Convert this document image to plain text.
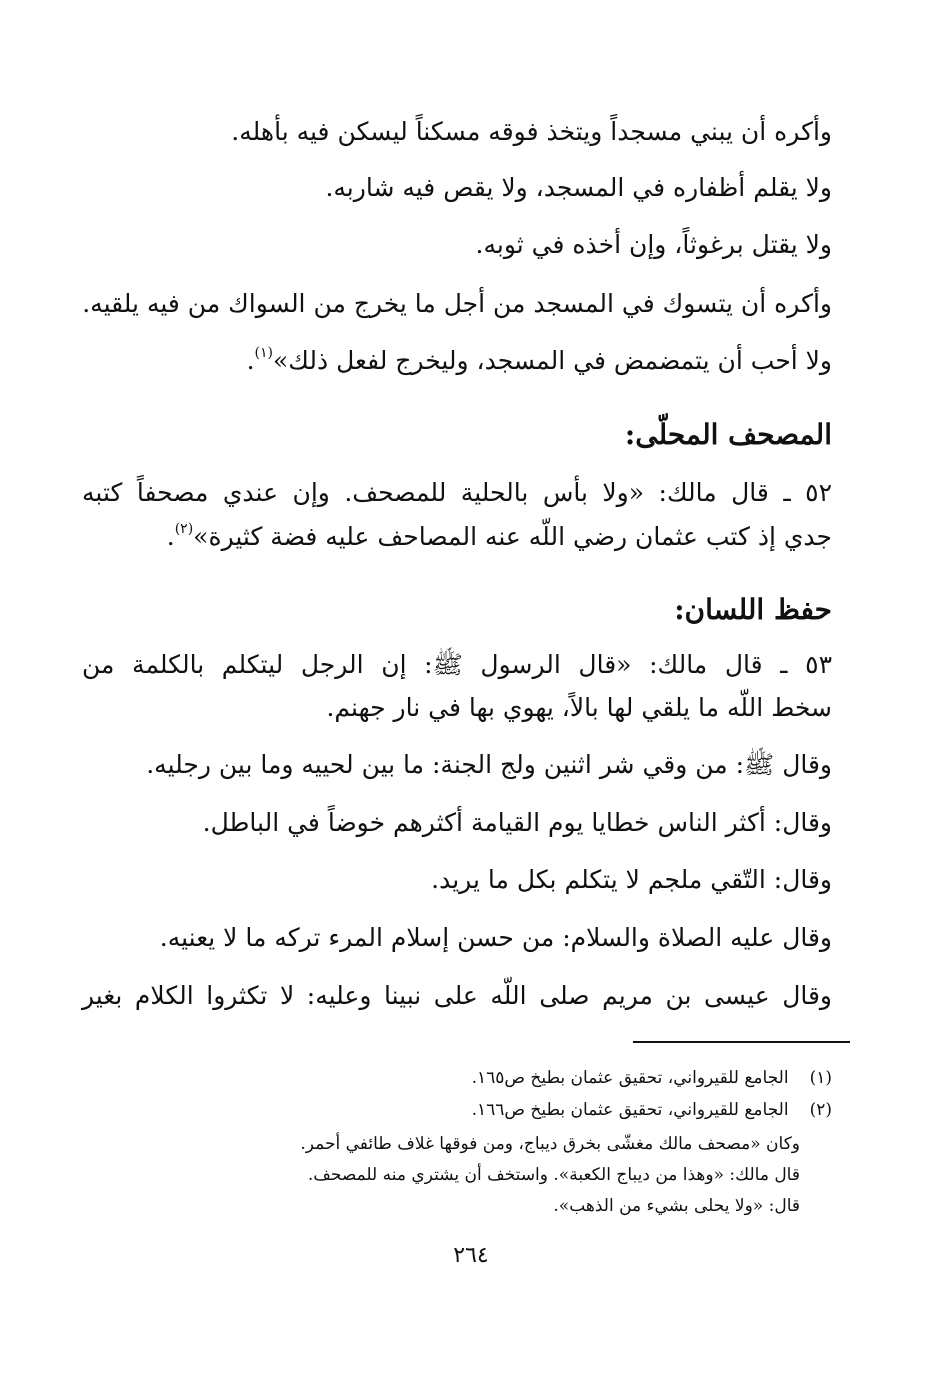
وأكره أن يبني مسجداً ويتخذ فوقه مسكناً ليسكن فيه بأهله.
ولا يقلم أظفاره في المسجد، ولا يقص فيه شاربه.
ولا يقتل برغوثاً، وإن أخذه في ثوبه.
وأكره أن يتسوك في المسجد من أجل ما يخرج من السواك من فيه يلقيه.
ولا أحب أن يتمضمض في المسجد، وليخرج لفعل ذلك»$^{(١)}$.
المصحف المحلّى:
٥٢ ـ قال مالك: «ولا بأس بالحلية للمصحف. وإن عندي مصحفاً كتبه
جدي إذ كتب عثمان رضي اللّه عنه المصاحف عليه فضة كثيرة»$^{(٢)}$.
حفظ اللسان:
٥٣ ـ قال مالك: «قال الرسول ﷺ: إن الرجل ليتكلم بالكلمة من
سخط اللّه ما يلقي لها بالاً، يهوي بها في نار جهنم.
وقال ﷺ: من وقي شر اثنين ولج الجنة: ما بين لحييه وما بين رجليه.
وقال: أكثر الناس خطايا يوم القيامة أكثرهم خوضاً في الباطل.
وقال: التّقي ملجم لا يتكلم بكل ما يريد.
وقال عليه الصلاة والسلام: من حسن إسلام المرء تركه ما لا يعنيه.
وقال عيسى بن مريم صلى اللّه على نبينا وعليه: لا تكثروا الكلام بغير
(١) الجامع للقيرواني، تحقيق عثمان بطيخ ص١٦٥.
(٢) الجامع للقيرواني، تحقيق عثمان بطيخ ص١٦٦.
وكان «مصحف مالك مغشّى بخرق ديباج، ومن فوقها غلاف طائفي أحمر.
قال مالك: «وهذا من ديباج الكعبة». واستخف أن يشتري منه للمصحف.
قال: «ولا يحلى بشيء من الذهب».
٢٦٤
